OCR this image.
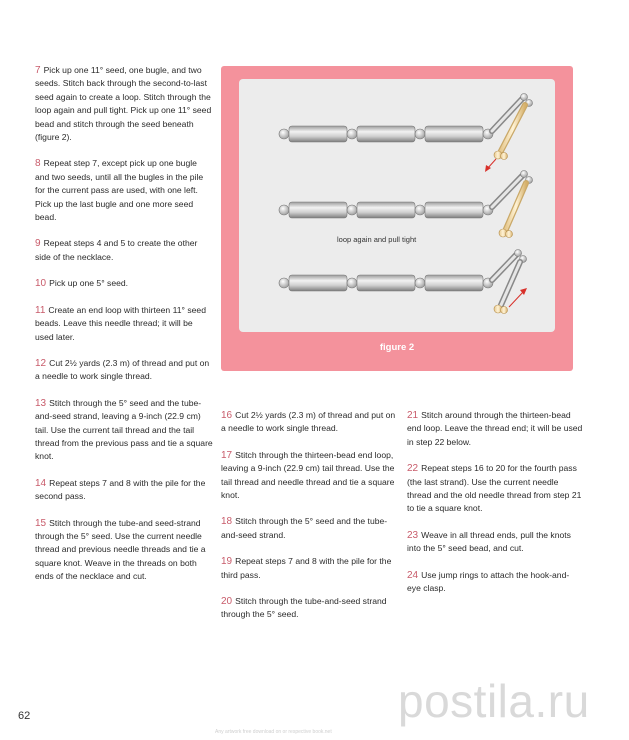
7 Pick up one 11° seed, one bugle, and two seeds. Stitch back through the second-to-last seed again to create a loop. Stitch through the loop again and pull tight. Pick up one 11° seed bead and stitch through the seed beneath (figure 2).

8 Repeat step 7, except pick up one bugle and two seeds, until all the bugles in the pile for the current pass are used, with one left. Pick up the last bugle and one more seed bead.

9 Repeat steps 4 and 5 to create the other side of the necklace.

10 Pick up one 5° seed.

11 Create an end loop with thirteen 11° seed beads. Leave this needle thread; it will be used later.

12 Cut 2½ yards (2.3 m) of thread and put on a needle to work single thread.

13 Stitch through the 5° seed and the tube-and-seed strand, leaving a 9-inch (22.9 cm) tail. Use the current tail thread and the tail thread from the previous pass and tie a square knot.

14 Repeat steps 7 and 8 with the pile for the second pass.

15 Stitch through the tube-and seed-strand through the 5° seed. Use the current needle thread and previous needle threads and tie a square knot. Weave in the threads on both ends of the necklace and cut.

loop again and pull tight
figure 2

16 Cut 2½ yards (2.3 m) of thread and put on a needle to work single thread.

17 Stitch through the thirteen-bead end loop, leaving a 9-inch (22.9 cm) tail thread. Use the tail thread and needle thread and tie a square knot.

18 Stitch through the 5° seed and the tube-and-seed strand.

19 Repeat steps 7 and 8 with the pile for the third pass.

20 Stitch through the tube-and-seed strand through the 5° seed.

21 Stitch around through the thirteen-bead end loop. Leave the thread end; it will be used in step 22 below.

22 Repeat steps 16 to 20 for the fourth pass (the last strand). Use the current needle thread and the old needle thread from step 21 to tie a square knot.

23 Weave in all thread ends, pull the knots into the 5° seed bead, and cut.

24 Use jump rings to attach the hook-and-eye clasp.

postila.ru
62
Any artwork free download on or respective book.net
